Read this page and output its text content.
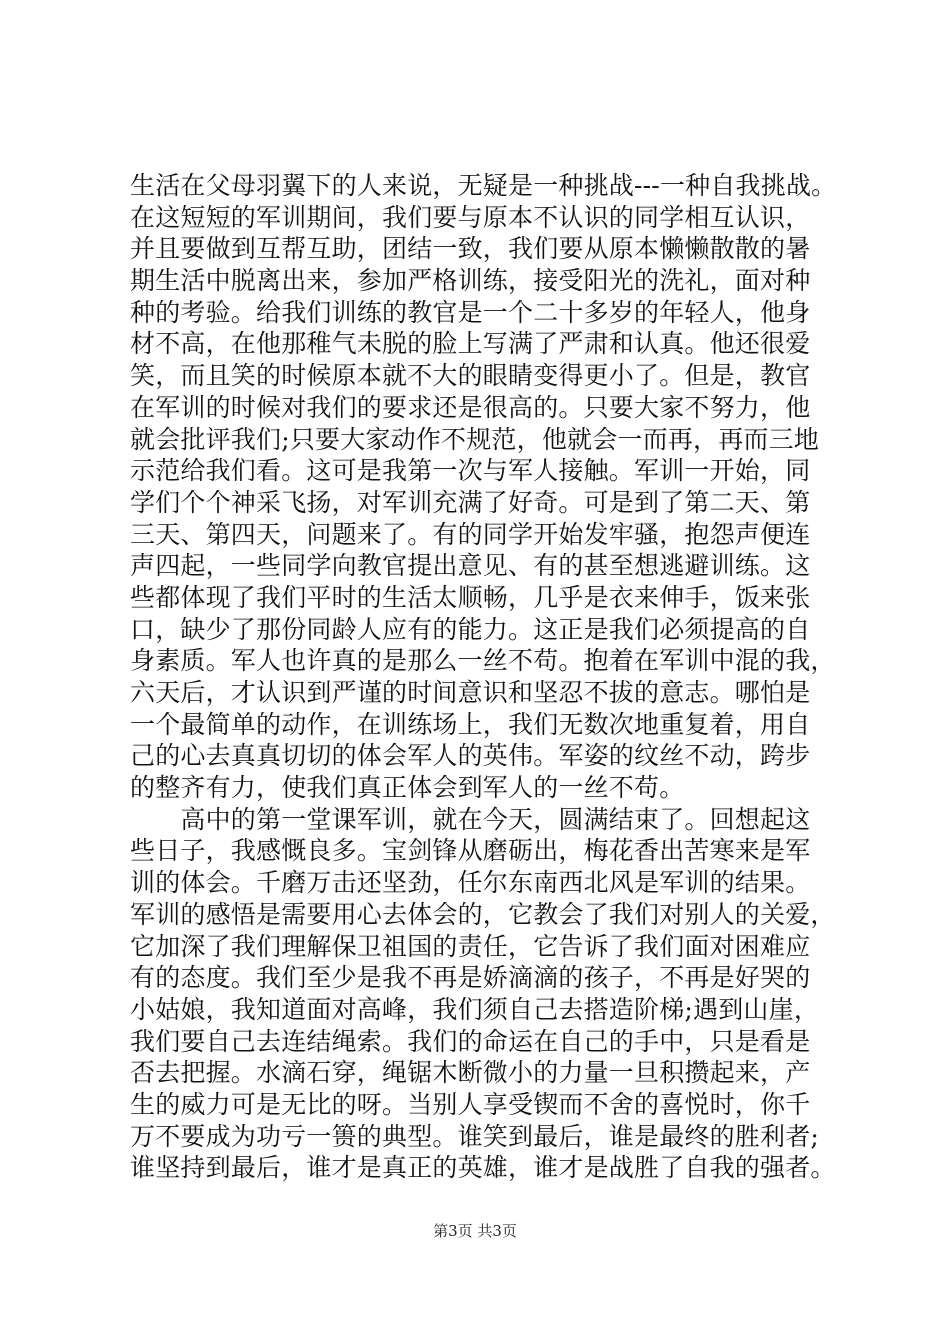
生活在父母羽翼下的人来说，无疑是一种挑战---一种自我挑战。
在这短短的军训期间，我们要与原本不认识的同学相互认识，
并且要做到互帮互助，团结一致，我们要从原本懒懒散散的暑
期生活中脱离出来，参加严格训练，接受阳光的洗礼，面对种
种的考验。给我们训练的教官是一个二十多岁的年轻人，他身
材不高，在他那稚气未脱的脸上写满了严肃和认真。他还很爱
笑，而且笑的时候原本就不大的眼睛变得更小了。但是，教官
在军训的时候对我们的要求还是很高的。只要大家不努力，他
就会批评我们;只要大家动作不规范，他就会一而再，再而三地
示范给我们看。这可是我第一次与军人接触。军训一开始，同
学们个个神采飞扬，对军训充满了好奇。可是到了第二天、第
三天、第四天，问题来了。有的同学开始发牢骚，抱怨声便连
声四起，一些同学向教官提出意见、有的甚至想逃避训练。这
些都体现了我们平时的生活太顺畅，几乎是衣来伸手，饭来张
口，缺少了那份同龄人应有的能力。这正是我们必须提高的自
身素质。军人也许真的是那么一丝不苟。抱着在军训中混的我，
六天后，才认识到严谨的时间意识和坚忍不拔的意志。哪怕是
一个最简单的动作，在训练场上，我们无数次地重复着，用自
己的心去真真切切的体会军人的英伟。军姿的纹丝不动，跨步
的整齐有力，使我们真正体会到军人的一丝不苟。
　　高中的第一堂课军训，就在今天，圆满结束了。回想起这
些日子，我感慨良多。宝剑锋从磨砺出，梅花香出苦寒来是军
训的体会。千磨万击还坚劲，任尔东南西北风是军训的结果。
军训的感悟是需要用心去体会的，它教会了我们对别人的关爱，
它加深了我们理解保卫祖国的责任，它告诉了我们面对困难应
有的态度。我们至少是我不再是娇滴滴的孩子，不再是好哭的
小姑娘，我知道面对高峰，我们须自己去搭造阶梯;遇到山崖，
我们要自己去连结绳索。我们的命运在自己的手中，只是看是
否去把握。水滴石穿，绳锯木断微小的力量一旦积攒起来，产
生的威力可是无比的呀。当别人享受锲而不舍的喜悦时，你千
万不要成为功亏一篑的典型。谁笑到最后，谁是最终的胜利者;
谁坚持到最后，谁才是真正的英雄，谁才是战胜了自我的强者。
第3页 共3页
